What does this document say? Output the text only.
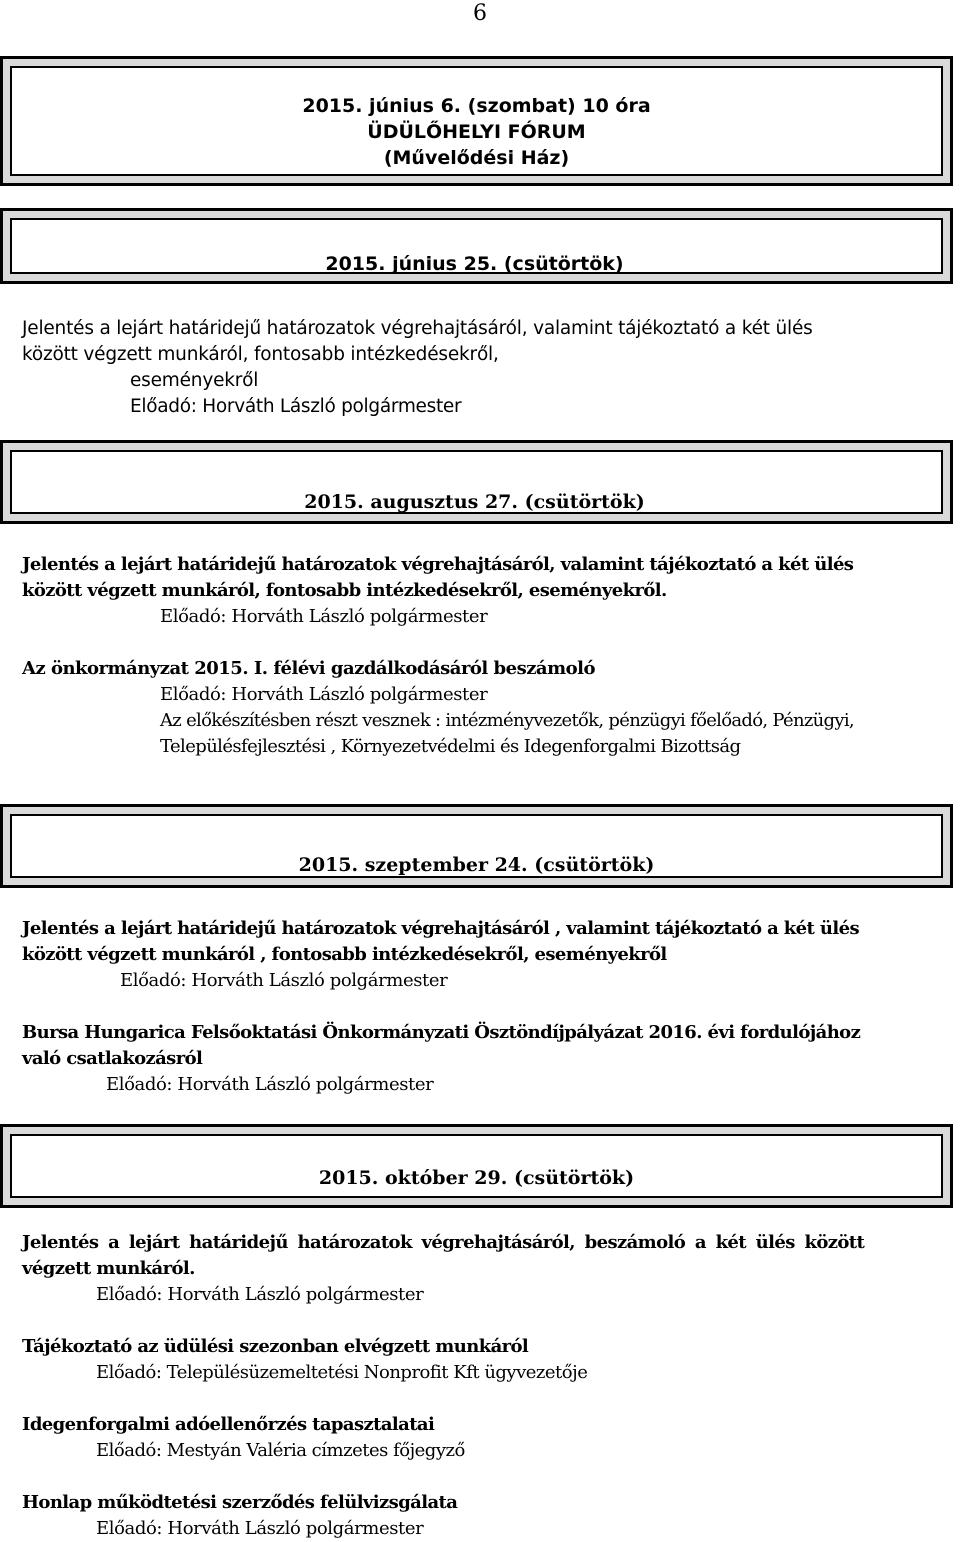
6
2015. június 6. (szombat) 10 óra
ÜDÜLŐHELYI FÓRUM
(Művelődési Ház)
2015. június 25. (csütörtök)
Jelentés a lejárt határidejű határozatok végrehajtásáról, valamint tájékoztató a két ülés
között végzett munkáról, fontosabb intézkedésekről,
eseményekről
Előadó: Horváth László polgármester
2015. augusztus 27. (csütörtök)
Jelentés a lejárt határidejű határozatok végrehajtásáról, valamint tájékoztató a két ülés
között végzett munkáról, fontosabb intézkedésekről, eseményekről.
Előadó: Horváth László polgármester
Az önkormányzat 2015. I. félévi gazdálkodásáról beszámoló
Előadó: Horváth László polgármester
Az előkészítésben részt vesznek : intézményvezetők, pénzügyi főelőadó, Pénzügyi,
Településfejlesztési , Környezetvédelmi és Idegenforgalmi Bizottság
2015. szeptember 24. (csütörtök)
Jelentés a lejárt határidejű határozatok végrehajtásáról , valamint tájékoztató a két ülés
között végzett munkáról , fontosabb intézkedésekről, eseményekről
Előadó: Horváth László polgármester
Bursa Hungarica Felsőoktatási Önkormányzati Ösztöndíjpályázat 2016. évi fordulójához
való csatlakozásról
Előadó: Horváth László polgármester
2015. október 29. (csütörtök)
Jelentés a lejárt határidejű határozatok végrehajtásáról, beszámoló a két ülés között
végzett munkáról.
Előadó: Horváth László polgármester
Tájékoztató az üdülési szezonban elvégzett munkáról
Előadó: Településüzemeltetési Nonprofit Kft ügyvezetője
Idegenforgalmi adóellenőrzés tapasztalatai
Előadó: Mestyán Valéria címzetes főjegyző
Honlap működtetési szerződés felülvizsgálata
Előadó: Horváth László polgármester
